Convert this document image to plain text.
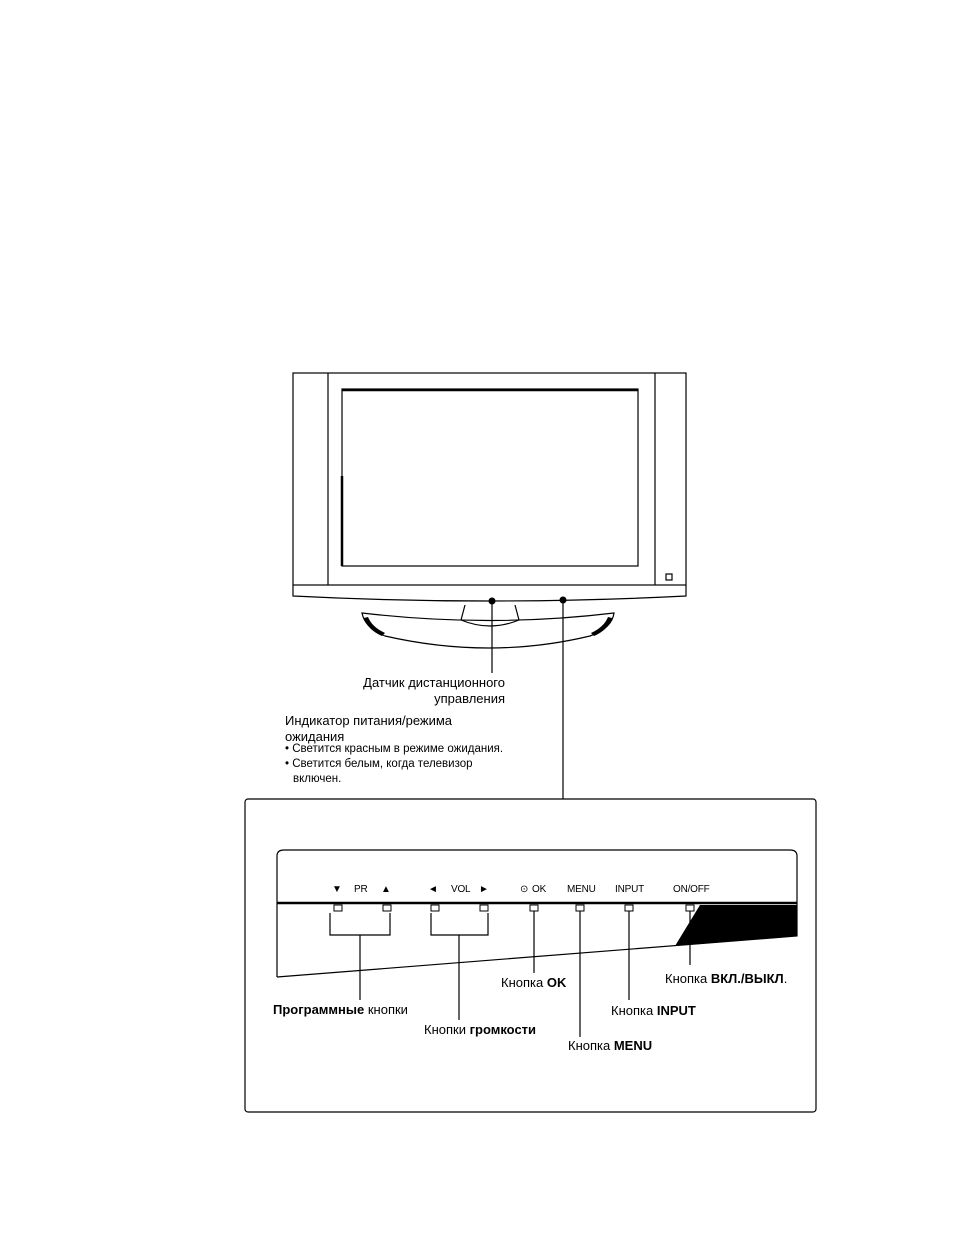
Датчик дистанционного
управления
Индикатор питания/режима
ожидания
• Светится красным в режиме ожидания.
• Светится белым, когда телевизор
включен.
▼ PR ▲	◄ VOL ►	⊙ OK MENU INPUT	ON/OFF
Кнопка OK	Кнопка ВКЛ./ВЫКЛ.
Программные кнопки	Кнопка INPUT
Кнопки громкости
Кнопка MENU
